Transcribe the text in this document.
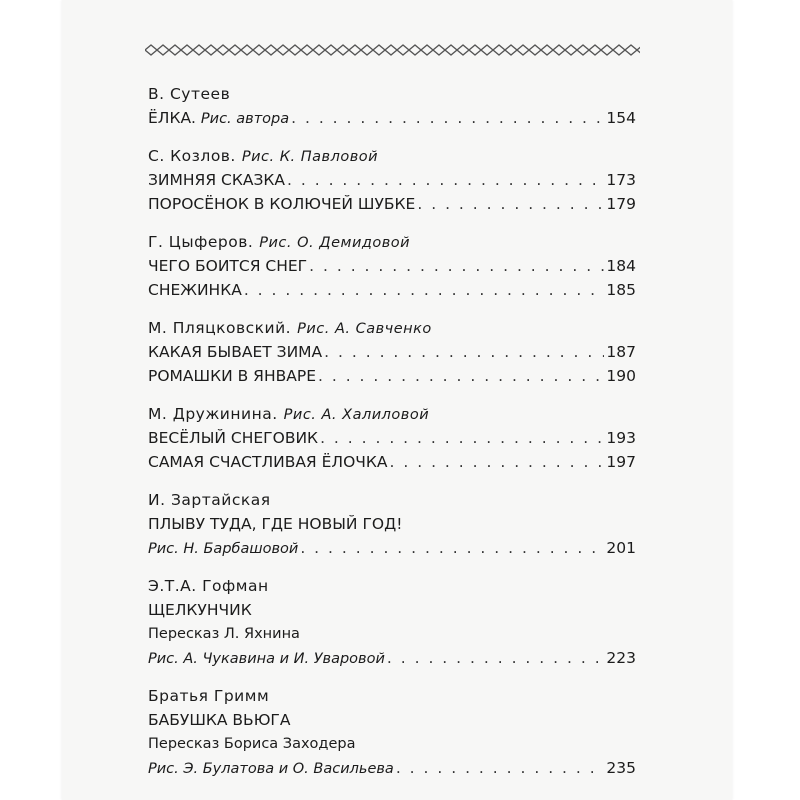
В. Сутеев
ЁЛКА. Рис. автора . . .	154
С. Козлов. Рис. К. Павловой
ЗИМНЯЯ СКАЗКА . . .	173
ПОРОСЁНОК В КОЛЮЧЕЙ ШУБКЕ . . .	179
Г. Цыферов. Рис. О. Демидовой
ЧЕГО БОИТСЯ СНЕГ . . .	184
СНЕЖИНКА . . .	185
М. Пляцковский. Рис. А. Савченко
КАКАЯ БЫВАЕТ ЗИМА . . .	187
РОМАШКИ В ЯНВАРЕ . . .	190
М. Дружинина. Рис. А. Халиловой
ВЕСЁЛЫЙ СНЕГОВИК . . .	193
САМАЯ СЧАСТЛИВАЯ ЁЛОЧКА . . .	197
И. Зартайская
ПЛЫВУ ТУДА, ГДЕ НОВЫЙ ГОД!
Рис. Н. Барбашовой . . .	201
Э.Т.А. Гофман
ЩЕЛКУНЧИК
Пересказ Л. Яхнина
Рис. А. Чукавина и И. Уваровой . . .	223
Братья Гримм
БАБУШКА ВЬЮГА
Пересказ Бориса Заходера
Рис. Э. Булатова и О. Васильева . . .	235
